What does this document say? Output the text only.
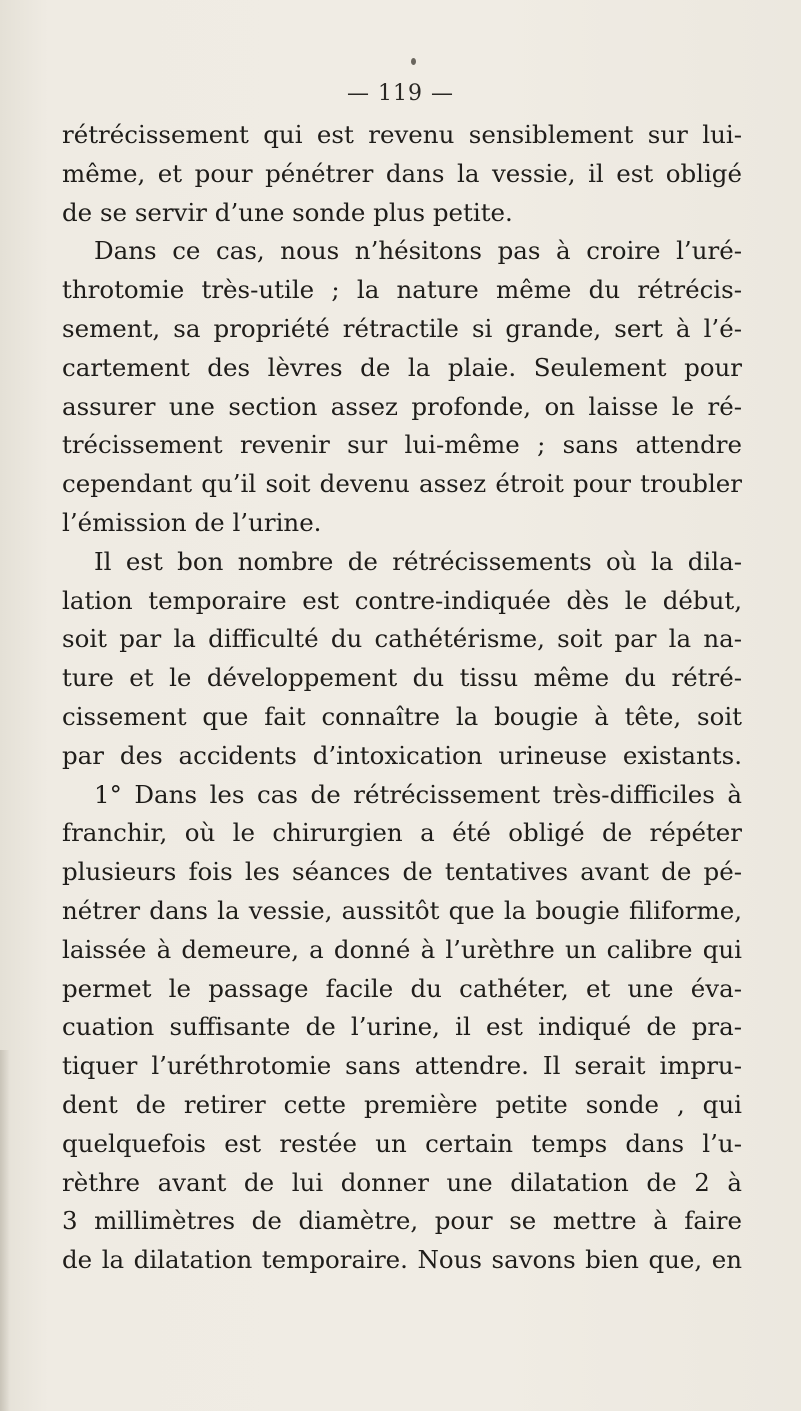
— 119 —
rétrécissement qui est revenu sensiblement sur lui-
même, et pour pénétrer dans la vessie, il est obligé
de se servir d’une sonde plus petite.
Dans ce cas, nous n’hésitons pas à croire l’uré-
throtomie très-utile ; la nature même du rétrécis-
sement, sa propriété rétractile si grande, sert à l’é-
cartement des lèvres de la plaie. Seulement pour
assurer une section assez profonde, on laisse le ré-
trécissement revenir sur lui-même ; sans attendre
cependant qu’il soit devenu assez étroit pour troubler
l’émission de l’urine.
Il est bon nombre de rétrécissements où la dila-
lation temporaire est contre-indiquée dès le début,
soit par la difficulté du cathétérisme, soit par la na-
ture et le développement du tissu même du rétré-
cissement que fait connaître la bougie à tête, soit
par des accidents d’intoxication urineuse existants.
1° Dans les cas de rétrécissement très-difficiles à
franchir, où le chirurgien a été obligé de répéter
plusieurs fois les séances de tentatives avant de pé-
nétrer dans la vessie, aussitôt que la bougie filiforme,
laissée à demeure, a donné à l’urèthre un calibre qui
permet le passage facile du cathéter, et une éva-
cuation suffisante de l’urine, il est indiqué de pra-
tiquer l’uréthrotomie sans attendre. Il serait impru-
dent de retirer cette première petite sonde , qui
quelquefois est restée un certain temps dans l’u-
rèthre avant de lui donner une dilatation de 2 à
3 millimètres de diamètre, pour se mettre à faire
de la dilatation temporaire. Nous savons bien que, en
